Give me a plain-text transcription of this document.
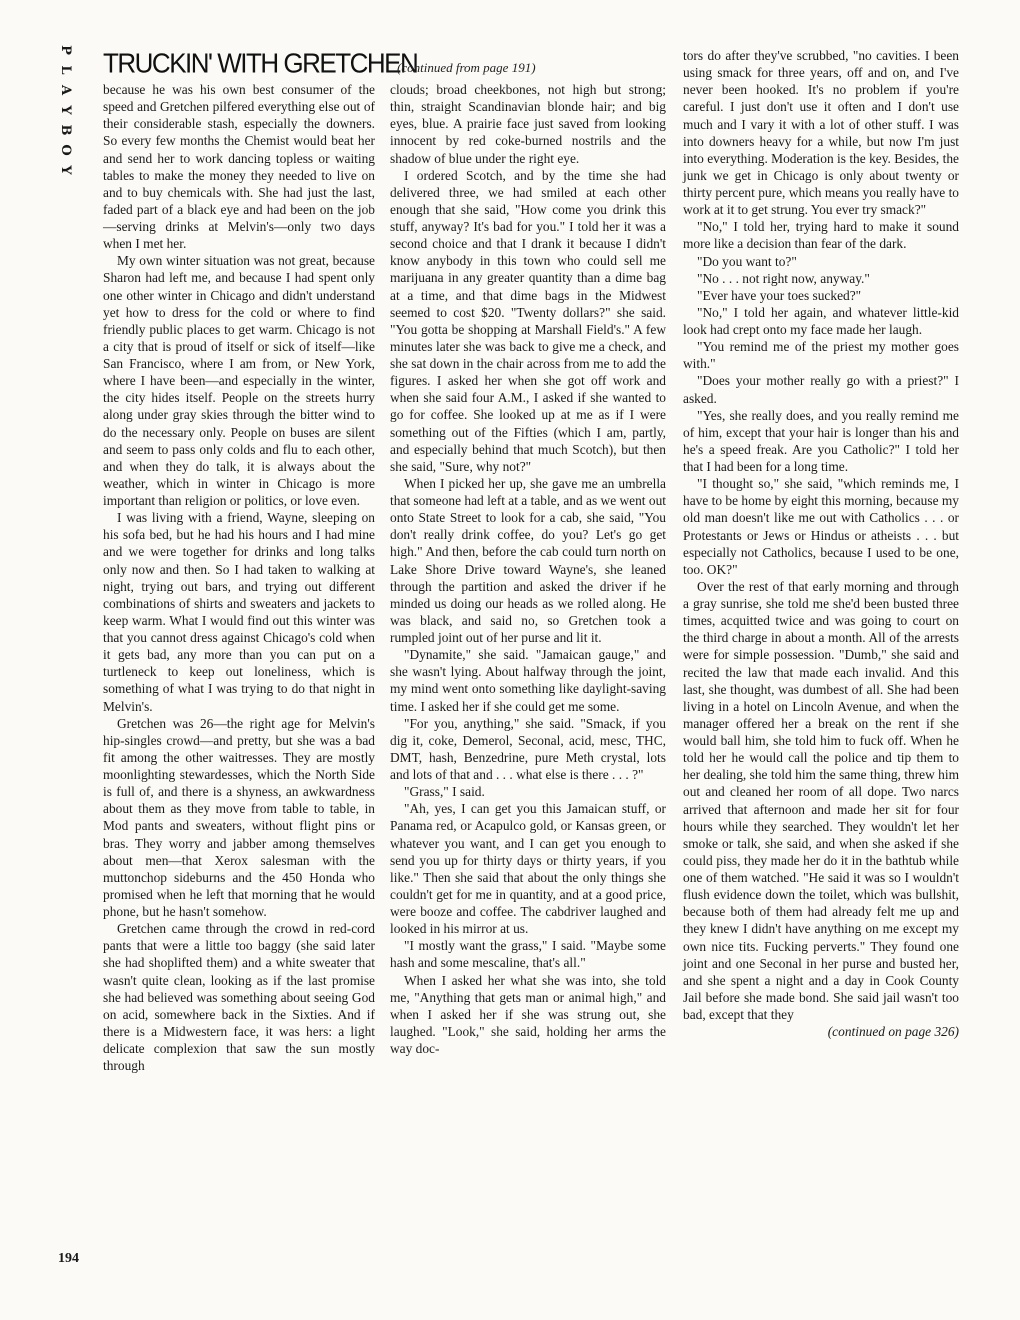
P
L
A
Y
B
O
Y
TRUCKIN' WITH GRETCHEN
(continued from page 191)

because he was his own best consumer of the speed and Gretchen pilfered everything else out of their considerable stash, especially the downers. So every few months the Chemist would beat her and send her to work dancing topless or waiting tables to make the money they needed to live on and to buy chemicals with. She had just the last, faded part of a black eye and had been on the job—serving drinks at Melvin's—only two days when I met her.

My own winter situation was not great, because Sharon had left me, and because I had spent only one other winter in Chicago and didn't understand yet how to dress for the cold or where to find friendly public places to get warm. Chicago is not a city that is proud of itself or sick of itself—like San Francisco, where I am from, or New York, where I have been—and especially in the winter, the city hides itself. People on the streets hurry along under gray skies through the bitter wind to do the necessary only. People on buses are silent and seem to pass only colds and flu to each other, and when they do talk, it is always about the weather, which in winter in Chicago is more important than religion or politics, or love even.

I was living with a friend, Wayne, sleeping on his sofa bed, but he had his hours and I had mine and we were together for drinks and long talks only now and then. So I had taken to walking at night, trying out bars, and trying out different combinations of shirts and sweaters and jackets to keep warm. What I would find out this winter was that you cannot dress against Chicago's cold when it gets bad, any more than you can put on a turtleneck to keep out loneliness, which is something of what I was trying to do that night in Melvin's.

Gretchen was 26—the right age for Melvin's hip-singles crowd—and pretty, but she was a bad fit among the other waitresses. They are mostly moonlighting stewardesses, which the North Side is full of, and there is a shyness, an awkwardness about them as they move from table to table, in Mod pants and sweaters, without flight pins or bras. They worry and jabber among themselves about men—that Xerox salesman with the muttonchop sideburns and the 450 Honda who promised when he left that morning that he would phone, but he hasn't somehow.

Gretchen came through the crowd in red-cord pants that were a little too baggy (she said later she had shoplifted them) and a white sweater that wasn't quite clean, looking as if the last promise she had believed was something about seeing God on acid, somewhere back in the Sixties. And if there is a Midwestern face, it was hers: a light delicate complexion that saw the sun mostly through

clouds; broad cheekbones, not high but strong; thin, straight Scandinavian blonde hair; and big eyes, blue. A prairie face just saved from looking innocent by red coke-burned nostrils and the shadow of blue under the right eye.

I ordered Scotch, and by the time she had delivered three, we had smiled at each other enough that she said, "How come you drink this stuff, anyway? It's bad for you." I told her it was a second choice and that I drank it because I didn't know anybody in this town who could sell me marijuana in any greater quantity than a dime bag at a time, and that dime bags in the Midwest seemed to cost $20. "Twenty dollars?" she said. "You gotta be shopping at Marshall Field's." A few minutes later she was back to give me a check, and she sat down in the chair across from me to add the figures. I asked her when she got off work and when she said four A.M., I asked if she wanted to go for coffee. She looked up at me as if I were something out of the Fifties (which I am, partly, and especially behind that much Scotch), but then she said, "Sure, why not?"

When I picked her up, she gave me an umbrella that someone had left at a table, and as we went out onto State Street to look for a cab, she said, "You don't really drink coffee, do you? Let's go get high." And then, before the cab could turn north on Lake Shore Drive toward Wayne's, she leaned through the partition and asked the driver if he minded us doing our heads as we rolled along. He was black, and said no, so Gretchen took a rumpled joint out of her purse and lit it.

"Dynamite," she said. "Jamaican gauge," and she wasn't lying. About halfway through the joint, my mind went onto something like daylight-saving time. I asked her if she could get me some.

"For you, anything," she said. "Smack, if you dig it, coke, Demerol, Seconal, acid, mesc, THC, DMT, hash, Benzedrine, pure Meth crystal, lots and lots of that and . . . what else is there . . . ?"

"Grass," I said.

"Ah, yes, I can get you this Jamaican stuff, or Panama red, or Acapulco gold, or Kansas green, or whatever you want, and I can get you enough to send you up for thirty days or thirty years, if you like." Then she said that about the only things she couldn't get for me in quantity, and at a good price, were booze and coffee. The cabdriver laughed and looked in his mirror at us.

"I mostly want the grass," I said. "Maybe some hash and some mescaline, that's all."

When I asked her what she was into, she told me, "Anything that gets man or animal high," and when I asked her if she was strung out, she laughed. "Look," she said, holding her arms the way doc-

tors do after they've scrubbed, "no cavities. I been using smack for three years, off and on, and I've never been hooked. It's no problem if you're careful. I just don't use it often and I don't use much and I vary it with a lot of other stuff. I was into downers heavy for a while, but now I'm just into everything. Moderation is the key. Besides, the junk we get in Chicago is only about twenty or thirty percent pure, which means you really have to work at it to get strung. You ever try smack?"

"No," I told her, trying hard to make it sound more like a decision than fear of the dark.

"Do you want to?"

"No . . . not right now, anyway."

"Ever have your toes sucked?"

"No," I told her again, and whatever little-kid look had crept onto my face made her laugh.

"You remind me of the priest my mother goes with."

"Does your mother really go with a priest?" I asked.

"Yes, she really does, and you really remind me of him, except that your hair is longer than his and he's a speed freak. Are you Catholic?" I told her that I had been for a long time.

"I thought so," she said, "which reminds me, I have to be home by eight this morning, because my old man doesn't like me out with Catholics . . . or Protestants or Jews or Hindus or atheists . . . but especially not Catholics, because I used to be one, too. OK?"

Over the rest of that early morning and through a gray sunrise, she told me she'd been busted three times, acquitted twice and was going to court on the third charge in about a month. All of the arrests were for simple possession. "Dumb," she said and recited the law that made each invalid. And this last, she thought, was dumbest of all. She had been living in a hotel on Lincoln Avenue, and when the manager offered her a break on the rent if she would ball him, she told him to fuck off. When he told her he would call the police and tip them to her dealing, she told him the same thing, threw him out and cleaned her room of all dope. Two narcs arrived that afternoon and made her sit for four hours while they searched. They wouldn't let her smoke or talk, she said, and when she asked if she could piss, they made her do it in the bathtub while one of them watched. "He said it was so I wouldn't flush evidence down the toilet, which was bullshit, because both of them had already felt me up and they knew I didn't have anything on me except my own nice tits. Fucking perverts." They found one joint and one Seconal in her purse and busted her, and she spent a night and a day in Cook County Jail before she made bond. She said jail wasn't too bad, except that they

(continued on page 326)

194
